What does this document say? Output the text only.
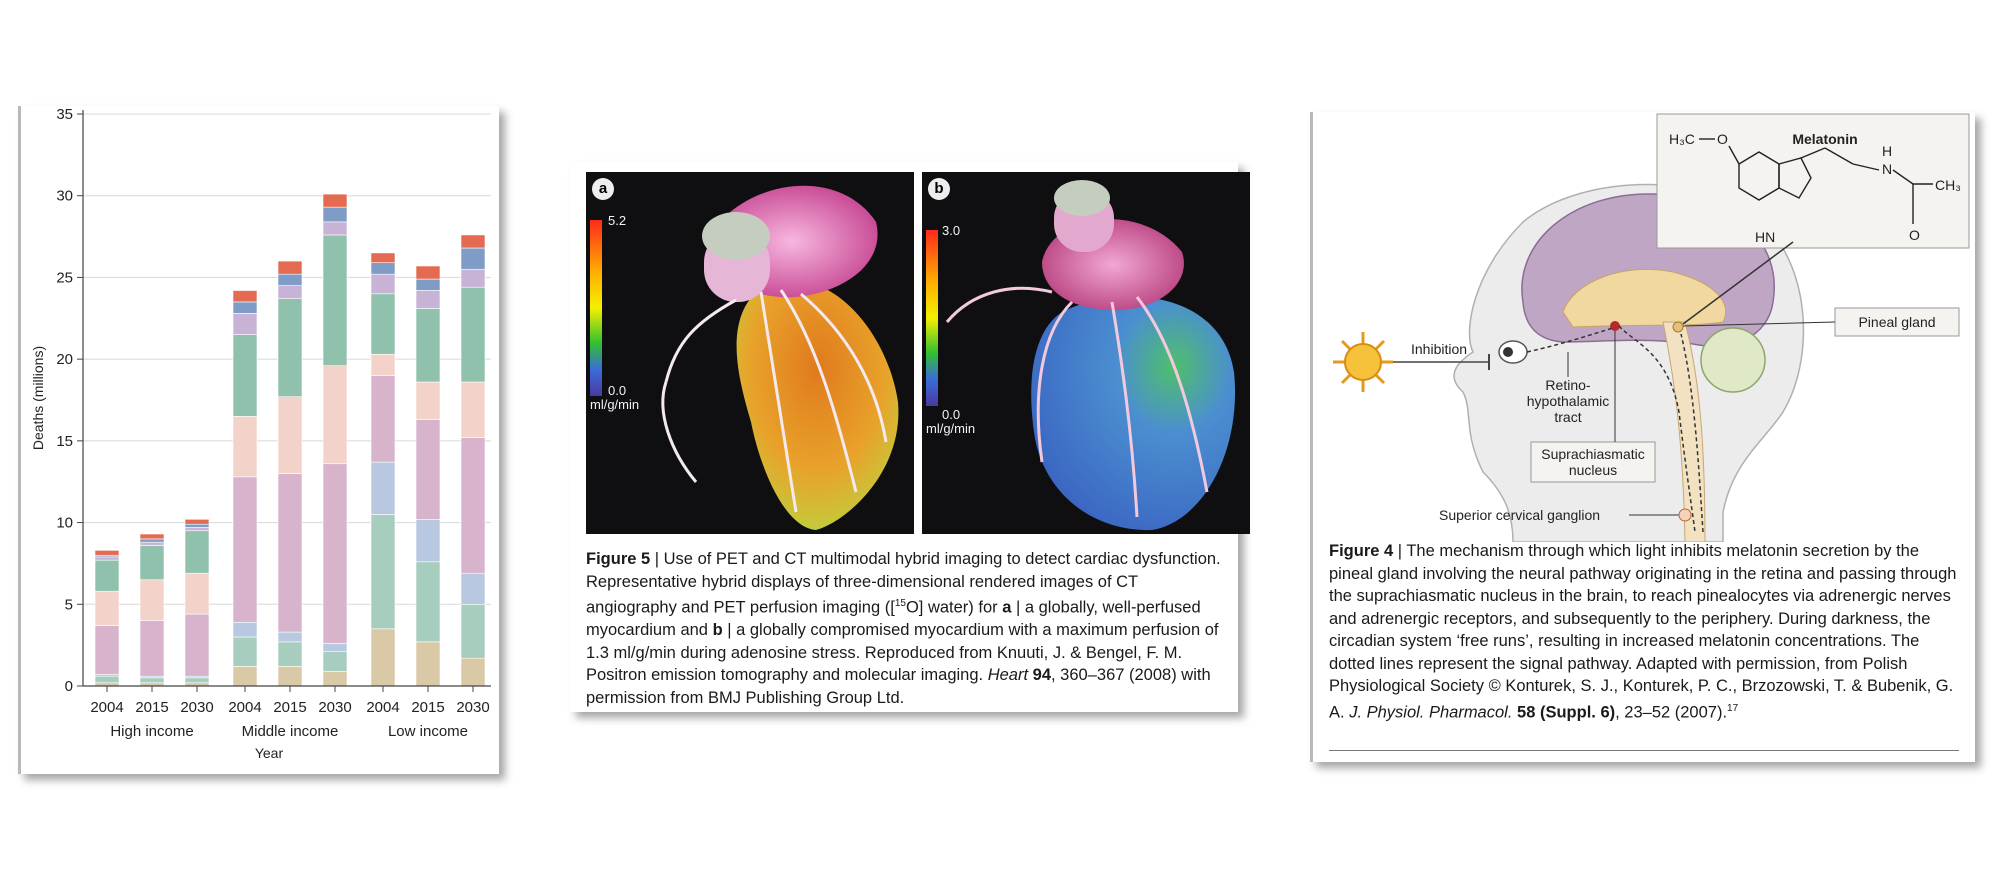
0
5
10
15
20
25
30
35
2004 2015 2030 2004 2015 2030 2004 2015 2030
High income	Middle income	Low income
Year
Deaths (millions)
a
5.2
0.0
ml/g/min
b
3.0
0.0
ml/g/min
Figure 5 | Use of PET and CT multimodal hybrid imaging to detect cardiac dysfunction. Representative hybrid displays of three-dimensional rendered images of CT angiography and PET perfusion imaging ([$^{15}$O] water) for a | a globally, well-perfused myocardium and b | a globally compromised myocardium with a maximum perfusion of 1.3 ml/g/min during adenosine stress. Reproduced from Knuuti, J. & Bengel, F. M. Positron emission tomography and molecular imaging. Heart 94, 360–367 (2008) with permission from BMJ Publishing Group Ltd.
Inhibition
Melatonin
H₃C O
H
N
CH₃
HN	O
Pineal gland
Retino-
hypothalamic
tract
Suprachiasmatic
nucleus
Superior cervical ganglion
Figure 4 | The mechanism through which light inhibits melatonin secretion by the pineal gland involving the neural pathway originating in the retina and passing through the suprachiasmatic nucleus in the brain, to reach pinealocytes via adrenergic nerves and adrenergic receptors, and subsequently to the periphery. During darkness, the circadian system ‘free runs’, resulting in increased melatonin concentrations. The dotted lines represent the signal pathway. Adapted with permission, from Polish Physiological Society © Konturek, S. J., Konturek, P. C., Brzozowski, T. & Bubenik, G. A. J. Physiol. Pharmacol. 58 (Suppl. 6), 23–52 (2007).$^{17}$
